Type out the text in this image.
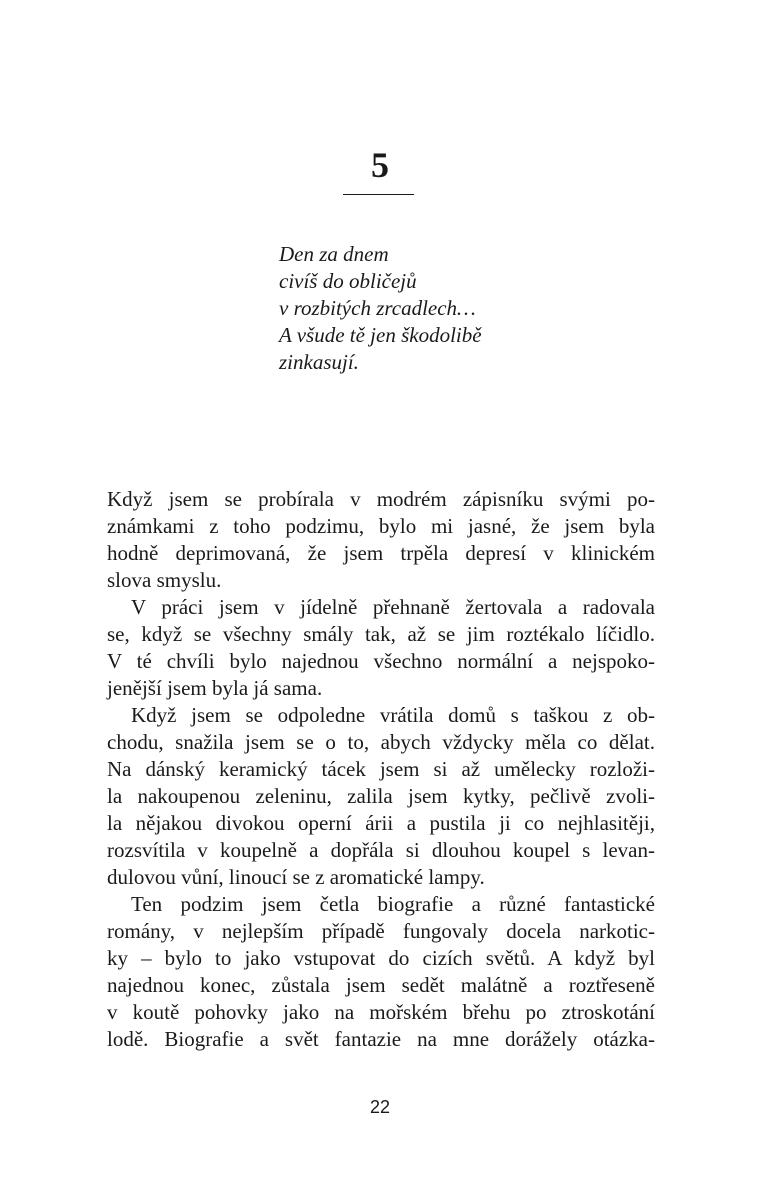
5
Den za dnem
civíš do obličejů
v rozbitých zrcadlech…
A všude tě jen škodolibě
zinkasují.
Když jsem se probírala v modrém zápisníku svými po-
známkami z toho podzimu, bylo mi jasné, že jsem byla
hodně deprimovaná, že jsem trpěla depresí v klinickém
slova smyslu.
V práci jsem v jídelně přehnaně žertovala a radovala
se, když se všechny smály tak, až se jim roztékalo líčidlo.
V té chvíli bylo najednou všechno normální a nejspoko-
jenější jsem byla já sama.
Když jsem se odpoledne vrátila domů s taškou z ob-
chodu, snažila jsem se o to, abych vždycky měla co dělat.
Na dánský keramický tácek jsem si až umělecky rozloži-
la nakoupenou zeleninu, zalila jsem kytky, pečlivě zvoli-
la nějakou divokou operní árii a pustila ji co nejhlasitěji,
rozsvítila v koupelně a dopřála si dlouhou koupel s levan-
dulovou vůní, linoucí se z aromatické lampy.
Ten podzim jsem četla biografie a různé fantastické
romány, v nejlepším případě fungovaly docela narkotic-
ky – bylo to jako vstupovat do cizích světů. A když byl
najednou konec, zůstala jsem sedět malátně a roztřeseně
v koutě pohovky jako na mořském břehu po ztroskotání
lodě. Biografie a svět fantazie na mne dorážely otázka-
22
